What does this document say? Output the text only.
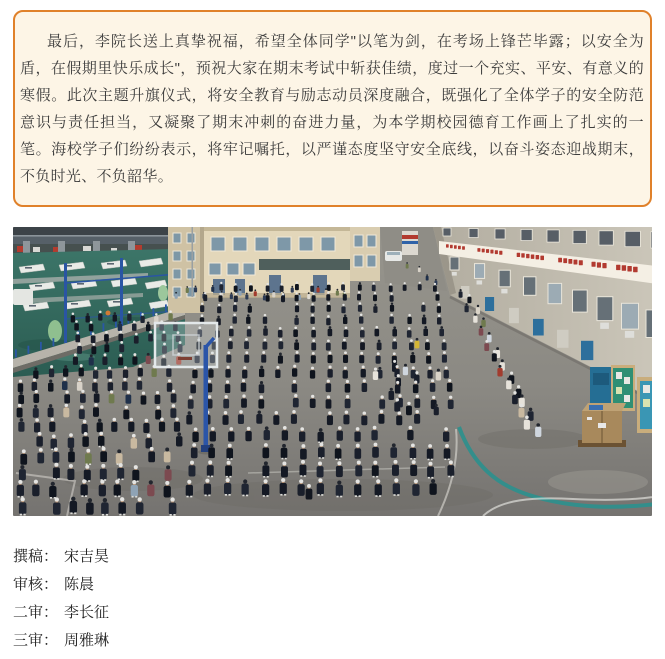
最后，李院长送上真挚祝福，希望全体同学"以笔为剑，在考场上锋芒毕露；以安全为盾，在假期里快乐成长"，预祝大家在期末考试中斩获佳绩，度过一个充实、平安、有意义的寒假。此次主题升旗仪式，将安全教育与励志动员深度融合，既强化了全体学子的安全防范意识与责任担当，又凝聚了期末冲刺的奋进力量，为本学期校园德育工作画上了扎实的一笔。海校学子们纷纷表示，将牢记嘱托，以严谨态度坚守安全底线，以奋斗姿态迎战期末，不负时光、不负韶华。

撰稿： 宋吉昊
审核： 陈晨
二审： 李长征
三审： 周雅琳
